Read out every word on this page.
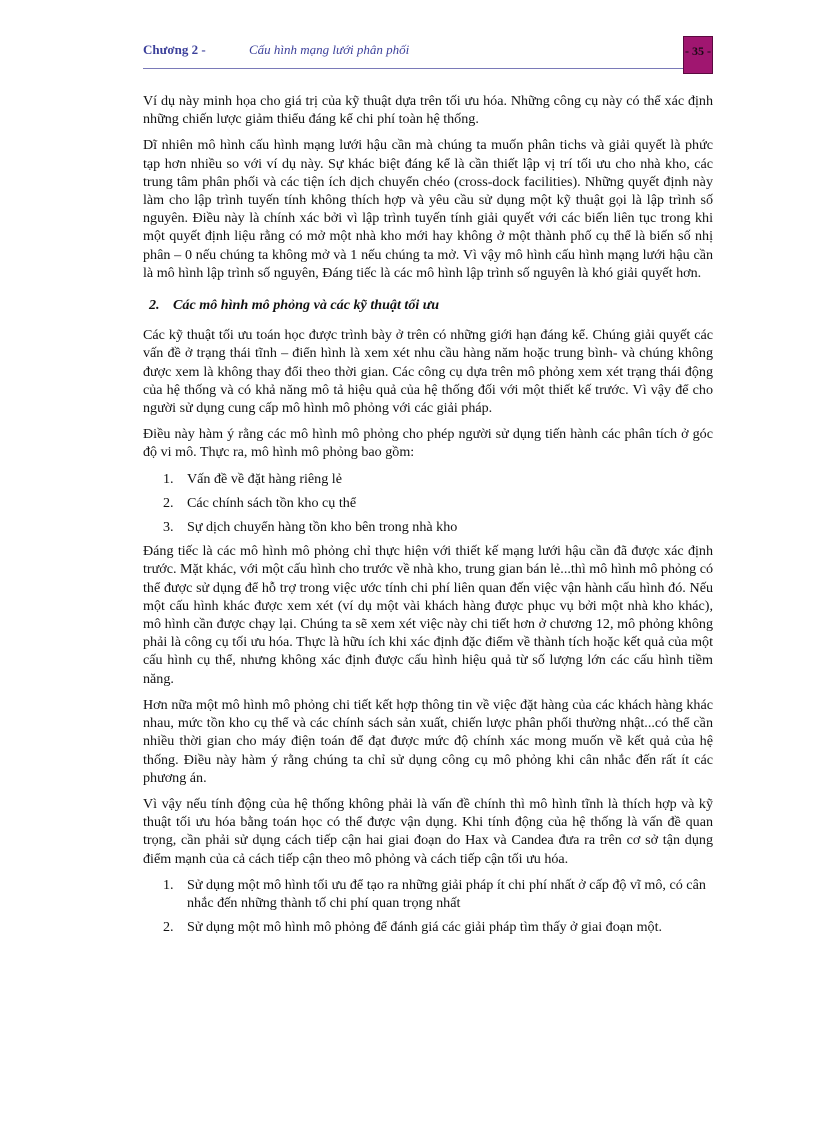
Chương 2 -	Cấu hình mạng lưới phân phối	- 35 -

Ví dụ này minh họa cho giá trị của kỹ thuật dựa trên tối ưu hóa. Những công cụ này có thể xác định những chiến lược giảm thiểu đáng kể chi phí toàn hệ thống.

Dĩ nhiên mô hình cấu hình mạng lưới hậu cần mà chúng ta muốn phân tichs và giải quyết là phức tạp hơn nhiều so với ví dụ này. Sự khác biệt đáng kể là cần thiết lập vị trí tối ưu cho nhà kho, các trung tâm phân phối và các tiện ích dịch chuyển chéo (cross-dock facilities). Những quyết định này làm cho lập trình tuyến tính không thích hợp và yêu cầu sử dụng một kỹ thuật gọi là lập trình số nguyên. Điều này là chính xác bởi vì lập trình tuyến tính giải quyết với các biến liên tục trong khi một quyết định liệu rằng có mở một nhà kho mới hay không ở một thành phố cụ thể là biến số nhị phân – 0 nếu chúng ta không mở và 1 nếu chúng ta mở. Vì vậy mô hình cấu hình mạng lưới hậu cần là mô hình lập trình số nguyên, Đáng tiếc là các mô hình lập trình số nguyên là khó giải quyết hơn.

2. Các mô hình mô phỏng và các kỹ thuật tối ưu

Các kỹ thuật tối ưu toán học được trình bày ở trên có những giới hạn đáng kể. Chúng giải quyết các vấn đề ở trạng thái tĩnh – điển hình là xem xét nhu cầu hàng năm hoặc trung bình- và chúng không được xem là không thay đổi theo thời gian. Các công cụ dựa trên mô phỏng xem xét trạng thái động của hệ thống và có khả năng mô tả hiệu quả của hệ thống đối với một thiết kế trước. Vì vậy để cho người sử dụng cung cấp mô hình mô phỏng với các giải pháp.

Điều này hàm ý rằng các mô hình mô phỏng cho phép người sử dụng tiến hành các phân tích ở góc độ vi mô. Thực ra, mô hình mô phỏng bao gồm:

1. Vấn đề về đặt hàng riêng lẻ
2. Các chính sách tồn kho cụ thể
3. Sự dịch chuyển hàng tồn kho bên trong nhà kho

Đáng tiếc là các mô hình mô phỏng chỉ thực hiện với thiết kế mạng lưới hậu cần đã được xác định trước. Mặt khác, với một cấu hình cho trước về nhà kho, trung gian bán lẻ...thì mô hình mô phỏng có thể được sử dụng để hỗ trợ trong việc ước tính chi phí liên quan đến việc vận hành cấu hình đó. Nếu một cấu hình khác được xem xét (ví dụ một vài khách hàng được phục vụ bởi một nhà kho khác), mô hình cần được chạy lại. Chúng ta sẽ xem xét việc này chi tiết hơn ở chương 12, mô phỏng không phải là công cụ tối ưu hóa. Thực là hữu ích khi xác định đặc điểm về thành tích hoặc kết quả của một cấu hình cụ thể, nhưng không xác định được cấu hình hiệu quả từ số lượng lớn các cấu hình tiềm năng.

Hơn nữa một mô hình mô phỏng chi tiết kết hợp thông tin về việc đặt hàng của các khách hàng khác nhau, mức tồn kho cụ thể và các chính sách sản xuất, chiến lược phân phối thường nhật...có thể cần nhiều thời gian cho máy điện toán để đạt được mức độ chính xác mong muốn về kết quả của hệ thống. Điều này hàm ý rằng chúng ta chỉ sử dụng công cụ mô phỏng khi cân nhắc đến rất ít các phương án.

Vì vậy nếu tính động của hệ thống không phải là vấn đề chính thì mô hình tĩnh là thích hợp và kỹ thuật tối ưu hóa bằng toán học có thể được vận dụng. Khi tính động của hệ thống là vấn đề quan trọng, cần phải sử dụng cách tiếp cận hai giai đoạn do Hax và Candea đưa ra trên cơ sở tận dụng điểm mạnh của cả cách tiếp cận theo mô phỏng và cách tiếp cận tối ưu hóa.

1. Sử dụng một mô hình tối ưu để tạo ra những giải pháp ít chi phí nhất ở cấp độ vĩ mô, có cân nhắc đến những thành tố chi phí quan trọng nhất
2. Sử dụng một mô hình mô phỏng để đánh giá các giải pháp tìm thấy ở giai đoạn một.
